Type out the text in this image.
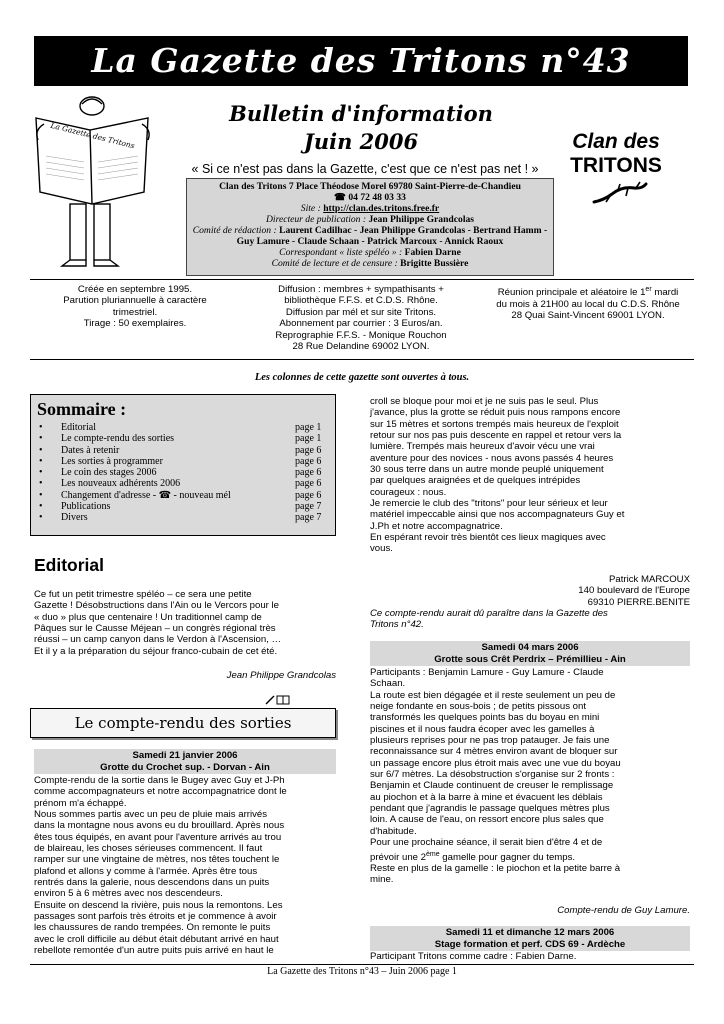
La Gazette des Tritons n°43
La Gazette des Tritons	Clan des
TRITONS
Bulletin d'information
Juin 2006
« Si ce n'est pas dans la Gazette, c'est que ce n'est pas net ! »
Clan des Tritons 7 Place Théodose Morel 69780 Saint-Pierre-de-Chandieu
☎ 04 72 48 03 33
Site : http://clan.des.tritons.free.fr
Directeur de publication : Jean Philippe Grandcolas
Comité de rédaction : Laurent Cadilhac - Jean Philippe Grandcolas - Bertrand Hamm -
Guy Lamure - Claude Schaan - Patrick Marcoux - Annick Raoux
Correspondant « liste spéléo » : Fabien Darne
Comité de lecture et de censure : Brigitte Bussière
Créée en septembre 1995.
Parution pluriannuelle à caractère
trimestriel.
Tirage : 50 exemplaires.
Diffusion : membres + sympathisants +
bibliothèque F.F.S. et C.D.S. Rhône.
Diffusion par mél et sur site Tritons.
Abonnement par courrier : 3 Euros/an.
Reprographie F.F.S. - Monique Rouchon
28 Rue Delandine 69002 LYON.
Réunion principale et aléatoire le 1er mardi
du mois à 21H00 au local du C.D.S. Rhône
28 Quai Saint-Vincent 69001 LYON.
Les colonnes de cette gazette sont ouvertes à tous.
Sommaire :
•	Editorial	page 1
•	Le compte-rendu des sorties	page 1
•	Dates à retenir	page 6
•	Les sorties à programmer	page 6
•	Le coin des stages 2006	page 6
•	Les nouveaux adhérents 2006	page 6
•	Changement d'adresse - ☎ - nouveau mél	page 6
•	Publications	page 7
•	Divers	page 7
Editorial

Ce fut un petit trimestre spéléo – ce sera une petite

Gazette ! Désobstructions dans l'Ain ou le Vercors pour le

« duo » plus que centenaire ! Un traditionnel camp de

Pâques sur le Causse Méjean – un congrès régional très

réussi – un camp canyon dans le Verdon à l'Ascension, …

Et il y a la préparation du séjour franco-cubain de cet été.

Jean Philippe Grandcolas
Le compte-rendu des sorties
Samedi 21 janvier 2006
Grotte du Crochet sup. - Dorvan - Ain

Compte-rendu de la sortie dans le Bugey avec Guy et J-Ph

comme accompagnateurs et notre accompagnatrice dont le

prénom m'a échappé.

Nous sommes partis avec un peu de pluie mais arrivés

dans la montagne nous avons eu du brouillard. Après nous

êtes tous équipés, en avant pour l'aventure arrivés au trou

de blaireau, les choses sérieuses commencent. Il faut

ramper sur une vingtaine de mètres, nos têtes touchent le

plafond et allons y comme à l'armée. Après être tous

rentrés dans la galerie, nous descendons dans un puits

environ 5 à 6 mètres avec nos descendeurs.

Ensuite on descend la rivière, puis nous la remontons. Les

passages sont parfois très étroits et je commence à avoir

les chaussures de rando trempées. On remonte le puits

avec le croll difficile au début était débutant arrivé en haut

rebellote remontée d'un autre puits puis arrivé en haut le

croll se bloque pour moi et je ne suis pas le seul. Plus

j'avance, plus la grotte se réduit puis nous rampons encore

sur 15 mètres et sortons trempés mais heureux de l'exploit

retour sur nos pas puis descente en rappel et retour vers la

lumière. Trempés mais heureux d'avoir vécu une vrai

aventure pour des novices - nous avons passés 4 heures

30 sous terre dans un autre monde peuplé uniquement

par quelques araignées et de quelques intrépides

courageux : nous.

Je remercie le club des "tritons" pour leur sérieux et leur

matériel impeccable ainsi que nos accompagnateurs Guy et

J.Ph et notre accompagnatrice.

En espérant revoir très bientôt ces lieux magiques avec

vous.

Patrick MARCOUX

140 boulevard de l'Europe

69310 PIERRE.BENITE

Ce compte-rendu aurait dû paraître dans la Gazette des

Tritons n°42.

Samedi 04 mars 2006
Grotte sous Crêt Perdrix – Prémillieu - Ain

Participants : Benjamin Lamure - Guy Lamure - Claude

Schaan.

La route est bien dégagée et il reste seulement un peu de

neige fondante en sous-bois ; de petits pissous ont

transformés les quelques points bas du boyau en mini

piscines et il nous faudra écoper avec les gamelles à

plusieurs reprises pour ne pas trop patauger. Je fais une

reconnaissance sur 4 mètres environ avant de bloquer sur

un passage encore plus étroit mais avec une vue du boyau

sur 6/7 mètres. La désobstruction s'organise sur 2 fronts :

Benjamin et Claude continuent de creuser le remplissage

au piochon et à la barre à mine et évacuent les déblais

pendant que j'agrandis le passage quelques mètres plus

loin. A cause de l'eau, on ressort encore plus sales que

d'habitude.

Pour une prochaine séance, il serait bien d'être 4 et de

prévoir une 2ème gamelle pour gagner du temps.

Reste en plus de la gamelle : le piochon et la petite barre à

mine.

Compte-rendu de Guy Lamure.
Samedi 11 et dimanche 12 mars 2006
Stage formation et perf. CDS 69 - Ardèche
Participant Tritons comme cadre : Fabien Darne.
La Gazette des Tritons n°43 – Juin 2006 page 1
